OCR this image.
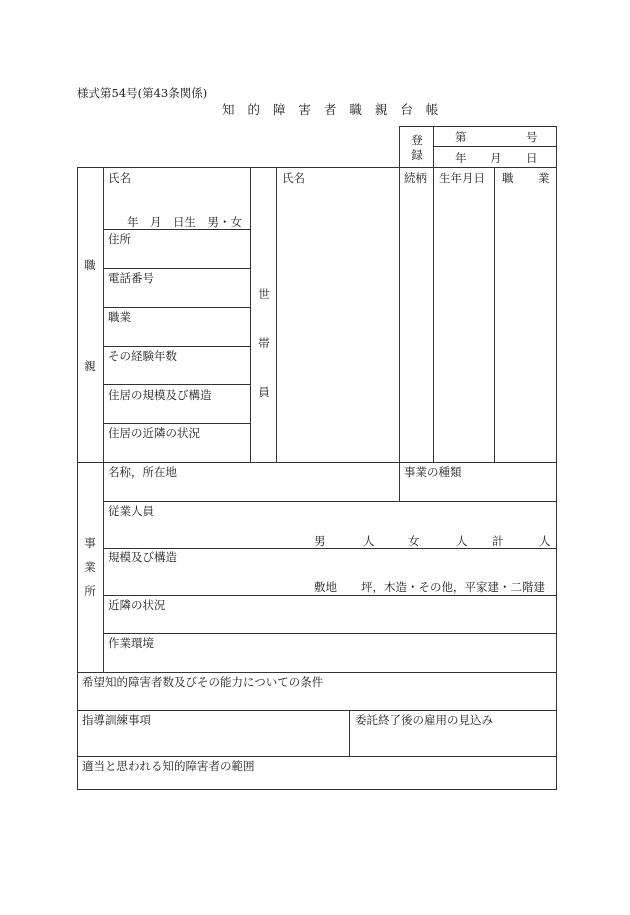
様式第54号(第43条関係)
知 的 障 害 者 職 親 台 帳
登
録
第	号
年 月 日
職
親
氏名
年　月　日生　男・女
住所
電話番号
職業
その経験年数
住居の規模及び構造
住居の近隣の状況
世
帯
員
氏名	続柄 生年月日 職 業
事
業
所
名称，所在地	事業の種類
従業人員
男	人	女	人 計	人
規模及び構造
敷地 坪，木造・その他，平家建・二階建
近隣の状況
作業環境
希望知的障害者数及びその能力についての条件
指導訓練事項	委託終了後の雇用の見込み
適当と思われる知的障害者の範囲
